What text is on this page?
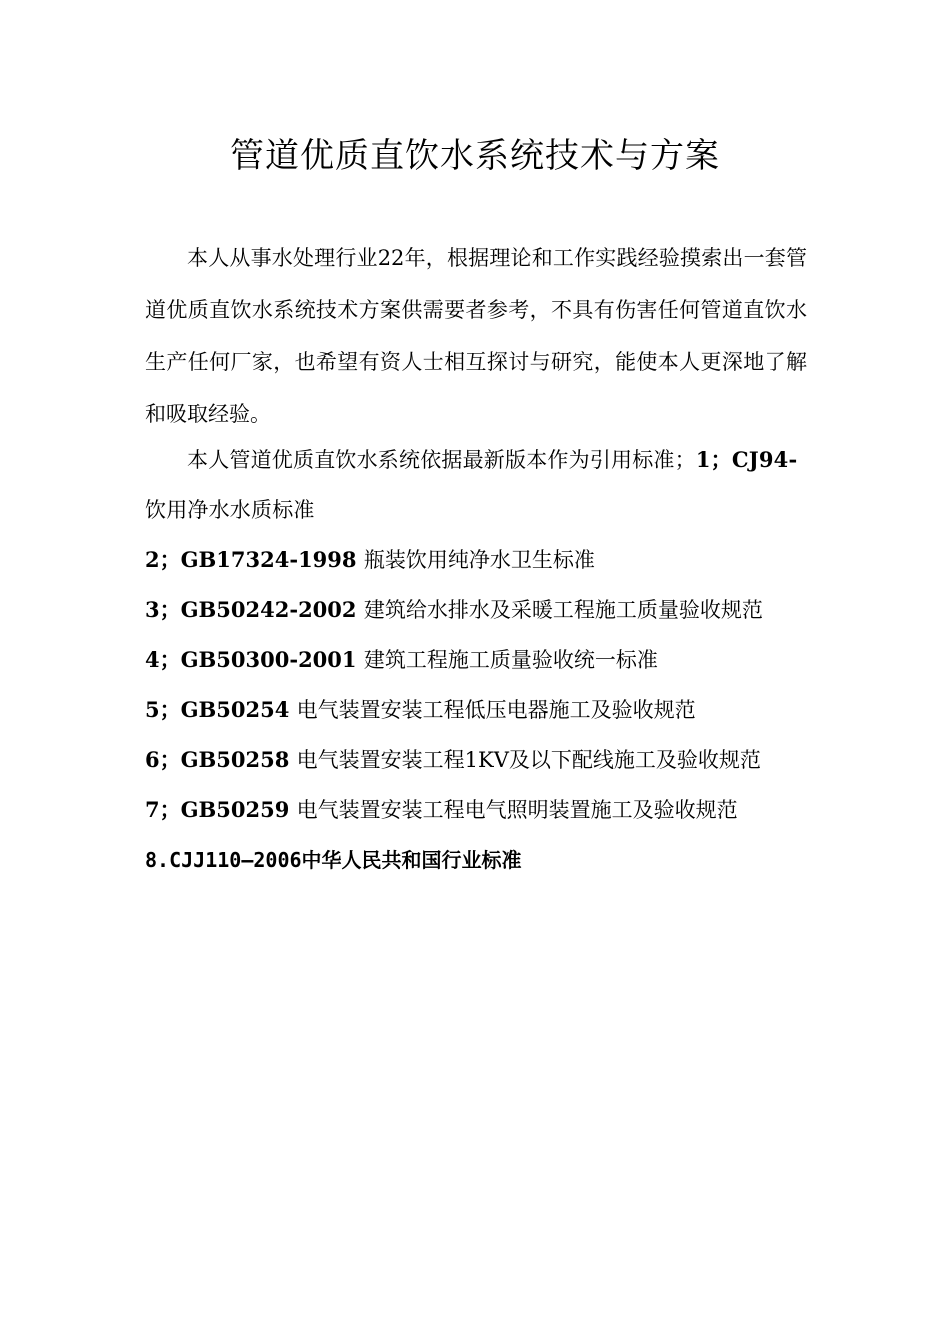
管道优质直饮水系统技术与方案

本人从事水处理行业22年，根据理论和工作实践经验摸索出一套管道优质直饮水系统技术方案供需要者参考，不具有伤害任何管道直饮水生产任何厂家，也希望有资人士相互探讨与研究，能使本人更深地了解和吸取经验。

本人管道优质直饮水系统依据最新版本作为引用标准；1；CJ94- 饮用净水水质标准

2；GB17324-1998 瓶装饮用纯净水卫生标准

3；GB50242-2002 建筑给水排水及采暖工程施工质量验收规范

4；GB50300-2001 建筑工程施工质量验收统一标准

5；GB50254 电气装置安装工程低压电器施工及验收规范

6；GB50258 电气装置安装工程1KV及以下配线施工及验收规范

7；GB50259 电气装置安装工程电气照明装置施工及验收规范

8.CJJ110—2006中华人民共和国行业标准
